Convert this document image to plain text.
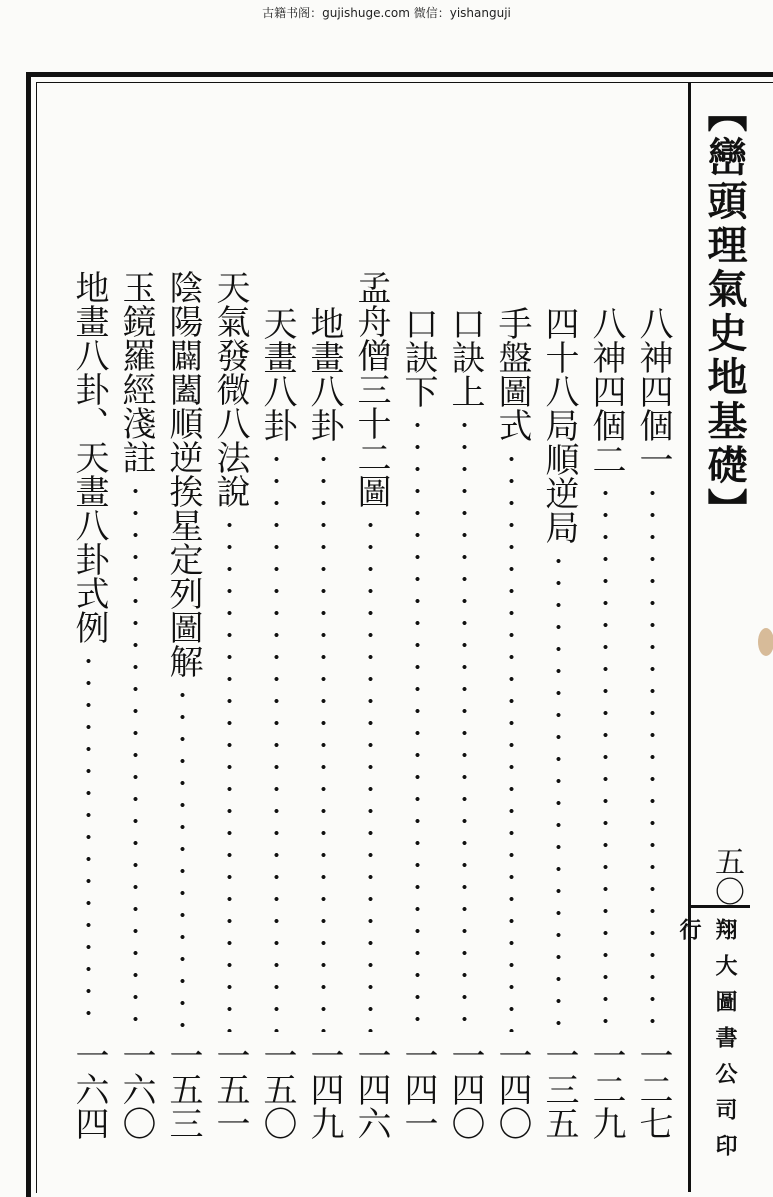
古籍书阁：gujishuge.com 微信：yishanguji
【巒頭理氣史地基礎】
五〇
翔大圖書公司印行
八神四個一
一二七
八神四個二
一二九
四十八局順逆局
一三五
手盤圖式
一四〇
口訣上
一四〇
口訣下
一四一
孟舟僧三十二圖
一四六
地畫八卦
一四九
天畫八卦
一五〇
天氣發微八法說
一五一
陰陽闢闔順逆挨星定列圖解
一五三
玉鏡羅經淺註
一六〇
地畫八卦、天畫八卦式例
一六四
